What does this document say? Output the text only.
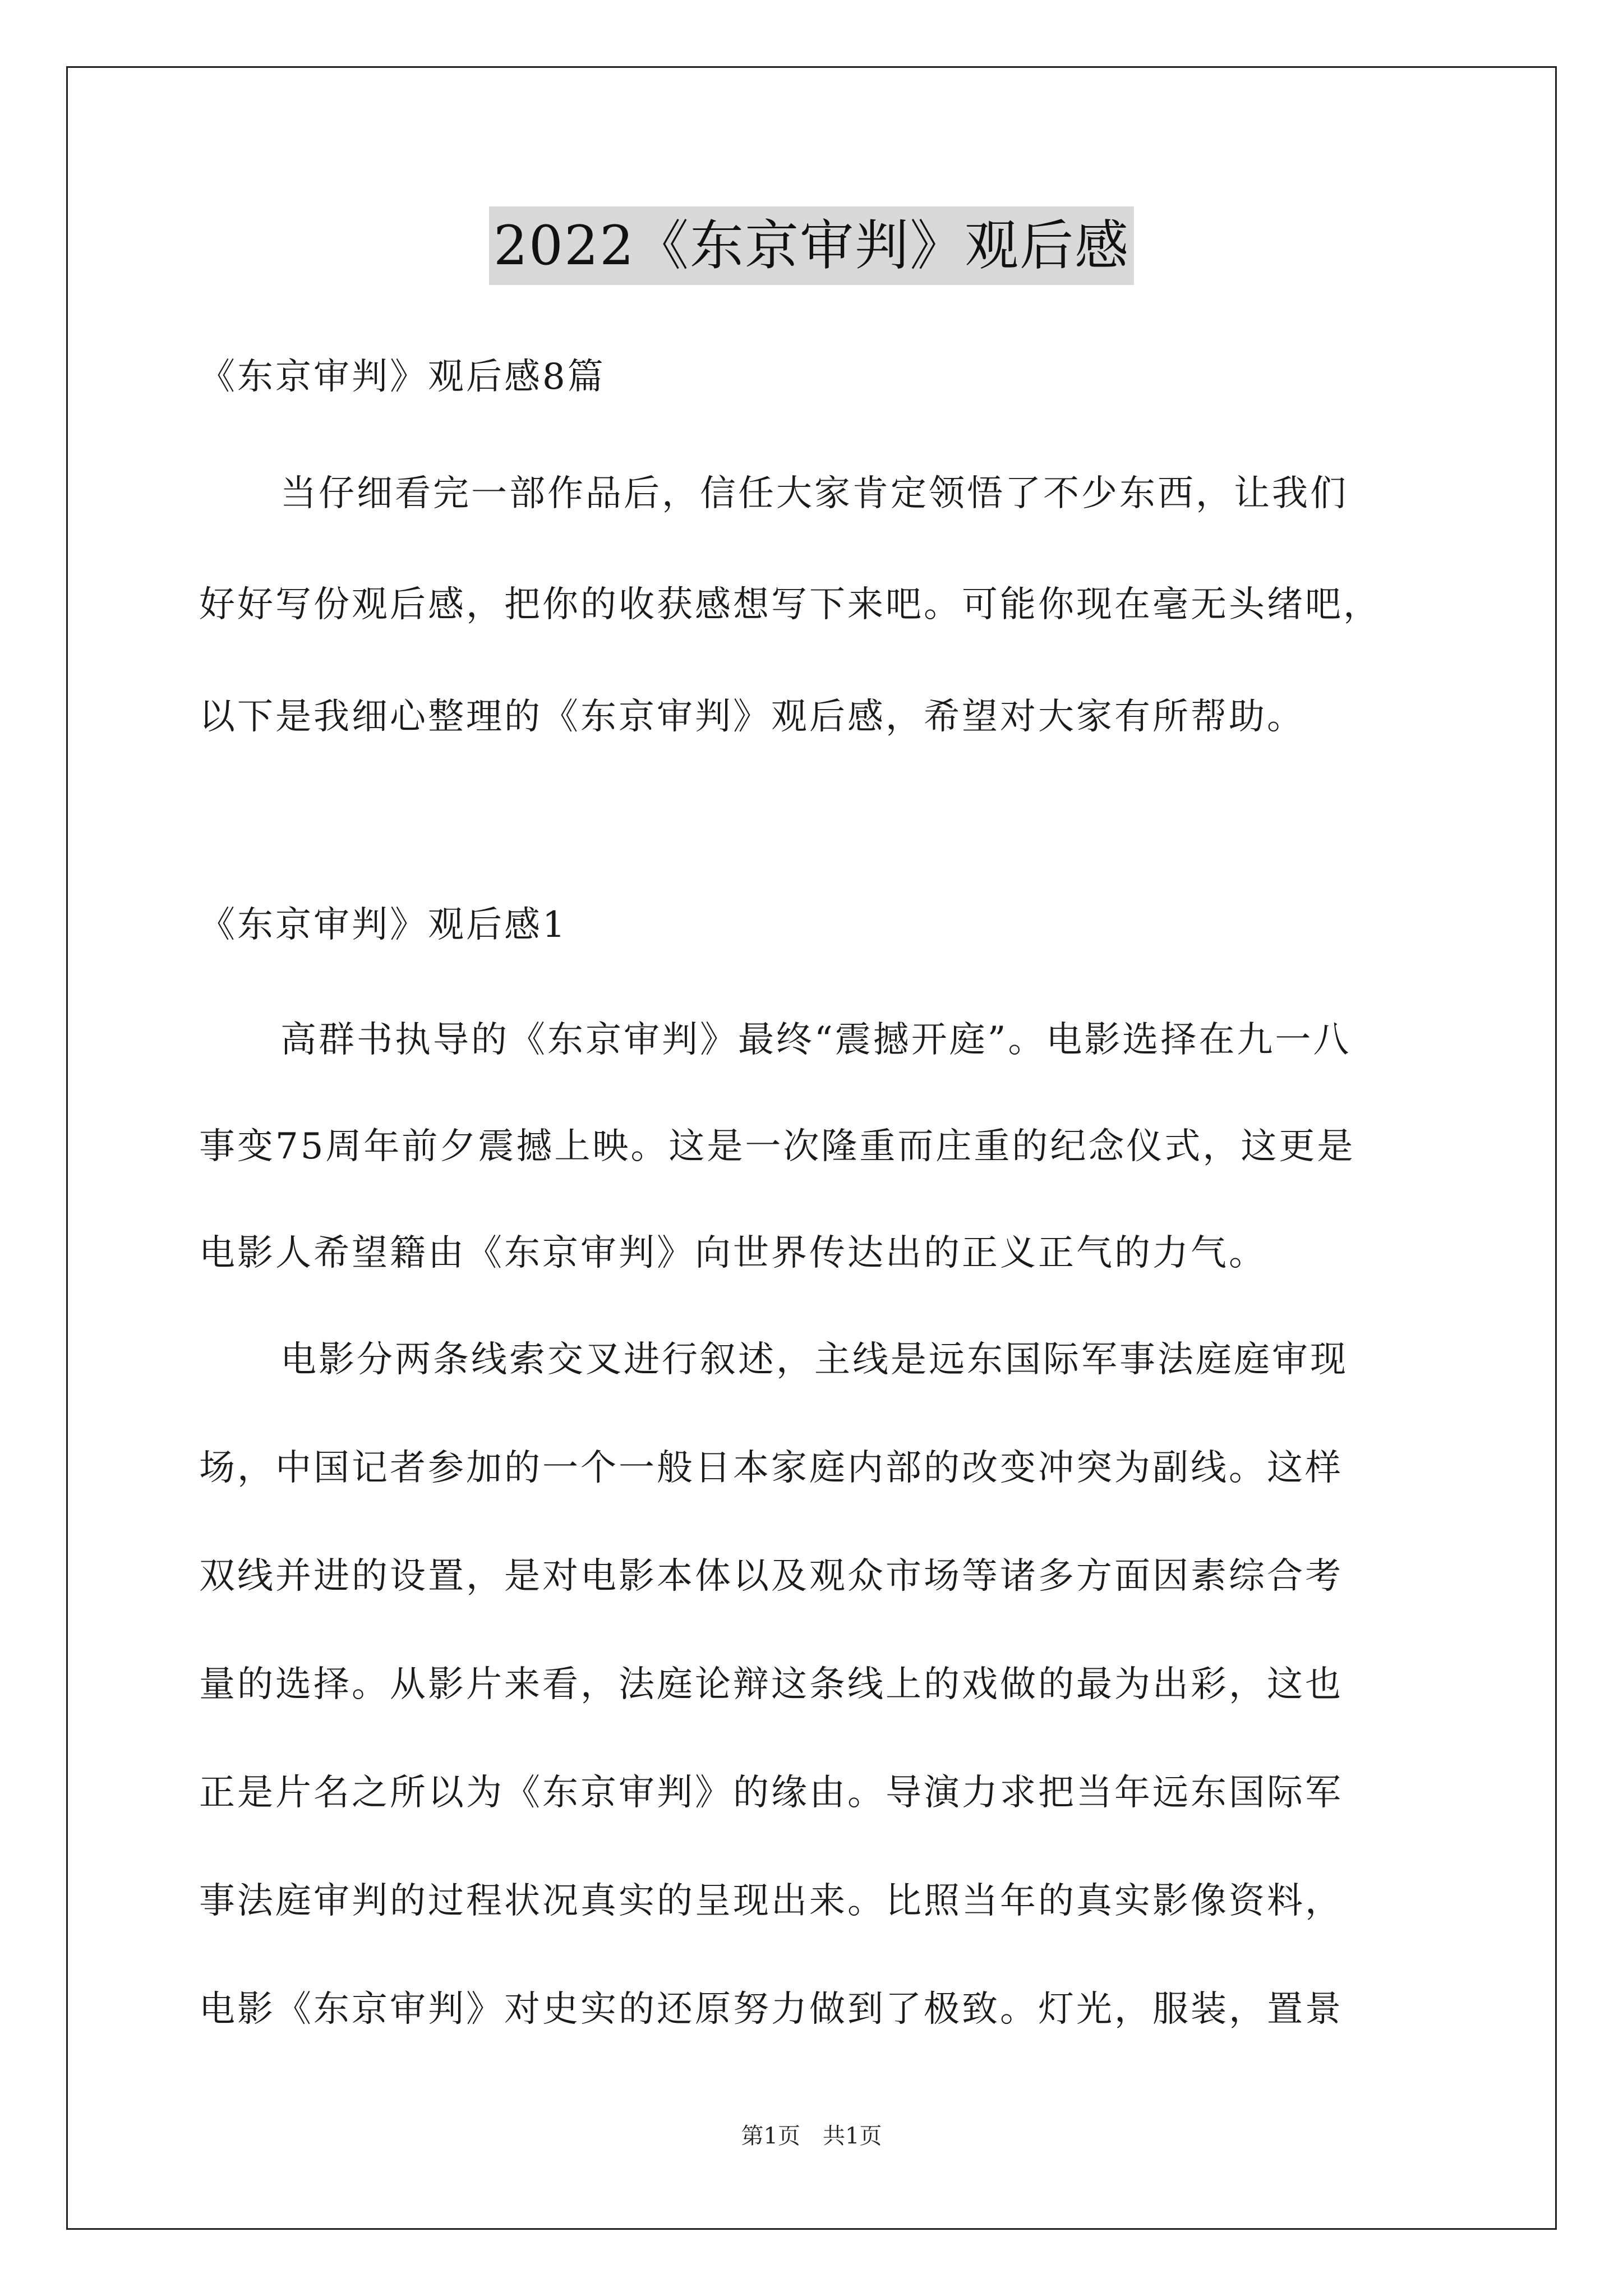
2022《东京审判》观后感
《东京审判》观后感8篇
当仔细看完一部作品后，信任大家肯定领悟了不少东西，让我们
好好写份观后感，把你的收获感想写下来吧。可能你现在毫无头绪吧，
以下是我细心整理的《东京审判》观后感，希望对大家有所帮助。
《东京审判》观后感1
高群书执导的《东京审判》最终“震撼开庭”。电影选择在九一八
事变75周年前夕震撼上映。这是一次隆重而庄重的纪念仪式，这更是
电影人希望籍由《东京审判》向世界传达出的正义正气的力气。
电影分两条线索交叉进行叙述，主线是远东国际军事法庭庭审现
场，中国记者参加的一个一般日本家庭内部的改变冲突为副线。这样
双线并进的设置，是对电影本体以及观众市场等诸多方面因素综合考
量的选择。从影片来看，法庭论辩这条线上的戏做的最为出彩，这也
正是片名之所以为《东京审判》的缘由。导演力求把当年远东国际军
事法庭审判的过程状况真实的呈现出来。比照当年的真实影像资料，
电影《东京审判》对史实的还原努力做到了极致。灯光，服装，置景
第1页　共1页
